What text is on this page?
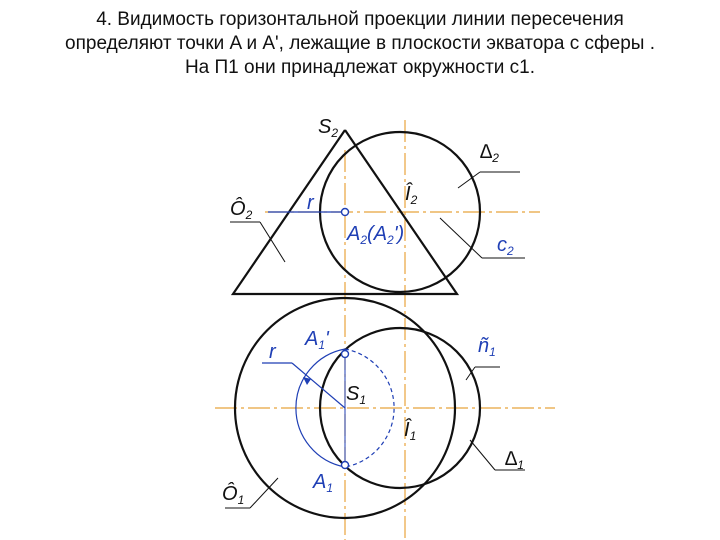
4. Видимость горизонтальной проекции линии пересечения
определяют точки A и A', лежащие в плоскости экватора c сферы .
На П1 они принадлежат окружности c1.
$S_2$
$\Delta_2$
$Ô_2$
r	$Î_2$
$A_2(A_2')$	$c_2$
$A_1'$	$ñ_1$
r
$S_1$
$Î_1$
$\Delta_1$
$A_1$
$Ô_1$
